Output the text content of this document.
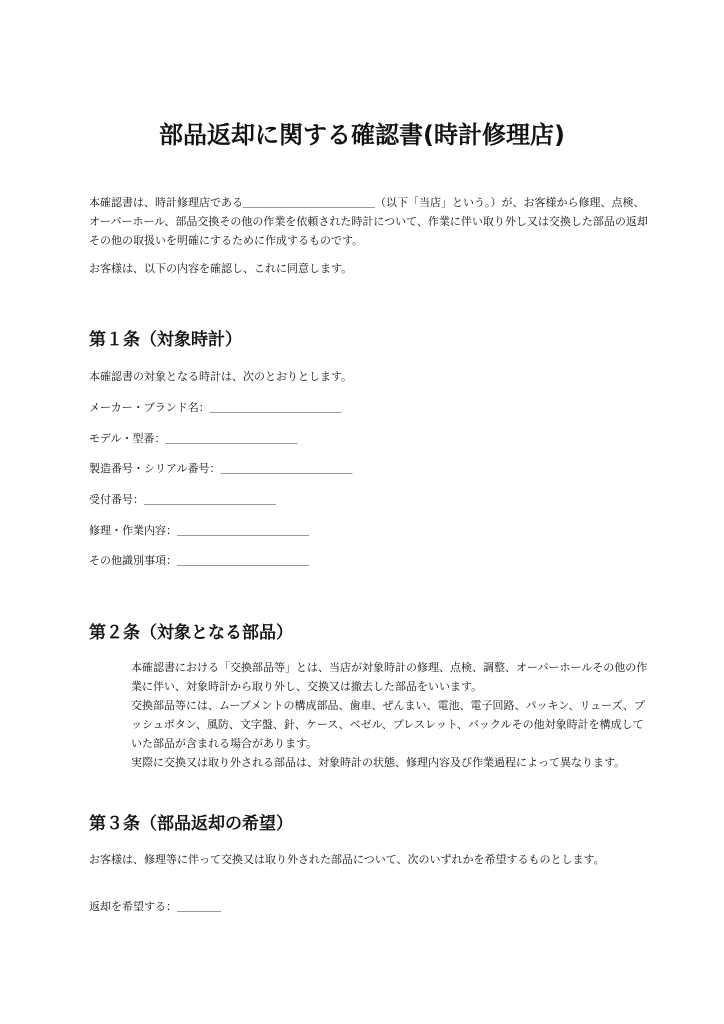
部品返却に関する確認書(時計修理店)

本確認書は、時計修理店である＿＿＿＿＿＿＿＿＿＿＿＿（以下「当店」という。）が、お客様から修理、点検、オーバーホール、部品交換その他の作業を依頼された時計について、作業に伴い取り外し又は交換した部品の返却その他の取扱いを明確にするために作成するものです。

お客様は、以下の内容を確認し、これに同意します。

第１条（対象時計）

本確認書の対象となる時計は、次のとおりとします。

メーカー・ブランド名：＿＿＿＿＿＿＿＿＿＿＿＿

モデル・型番：＿＿＿＿＿＿＿＿＿＿＿＿

製造番号・シリアル番号：＿＿＿＿＿＿＿＿＿＿＿＿

受付番号：＿＿＿＿＿＿＿＿＿＿＿＿

修理・作業内容：＿＿＿＿＿＿＿＿＿＿＿＿

その他識別事項：＿＿＿＿＿＿＿＿＿＿＿＿

第２条（対象となる部品）

本確認書における「交換部品等」とは、当店が対象時計の修理、点検、調整、オーバーホールその他の作業に伴い、対象時計から取り外し、交換又は撤去した部品をいいます。

交換部品等には、ムーブメントの構成部品、歯車、ぜんまい、電池、電子回路、パッキン、リューズ、プッシュボタン、風防、文字盤、針、ケース、ベゼル、ブレスレット、バックルその他対象時計を構成していた部品が含まれる場合があります。

実際に交換又は取り外される部品は、対象時計の状態、修理内容及び作業過程によって異なります。

第３条（部品返却の希望）

お客様は、修理等に伴って交換又は取り外された部品について、次のいずれかを希望するものとします。

返却を希望する：＿＿＿＿
